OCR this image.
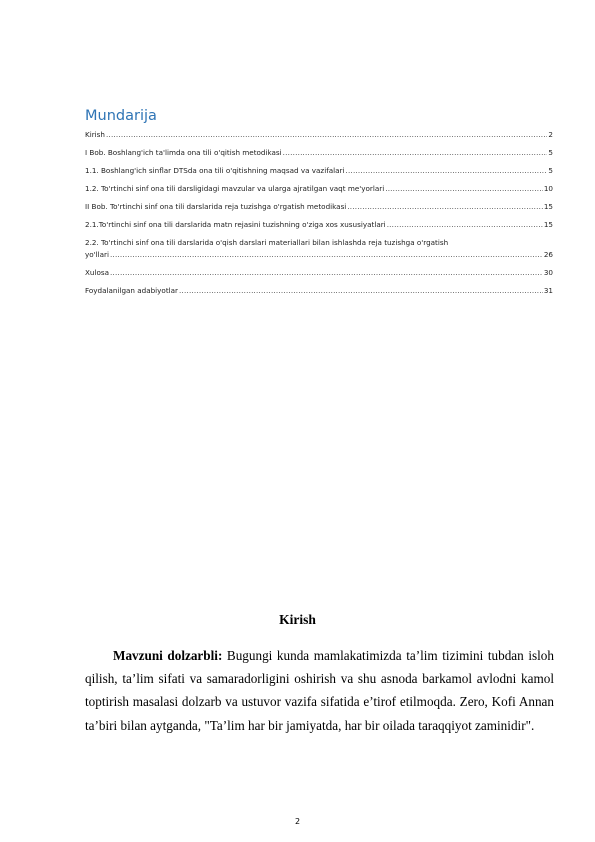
Mundarija
Kirish .....	2
I Bob. Boshlang'ich ta'limda ona tili o'qitish metodikasi .....	5
1.1. Boshlang'ich sinflar DTSda ona tili o'qitishning maqsad va vazifalari .....	5
1.2. To'rtinchi sinf ona tili darsligidagi mavzular va ularga ajratilgan vaqt me'yorlari .....	10
II Bob. To'rtinchi sinf ona tili darslarida reja tuzishga o'rgatish metodikasi .....	15
2.1.To'rtinchi sinf ona tili darslarida matn rejasini tuzishning o'ziga xos xususiyatlari .....	15
2.2. To'rtinchi sinf ona tili darslarida o'qish darslari materiallari bilan ishlashda reja tuzishga o'rgatish
yo'llari .....	26
Xulosa .....	30
Foydalanilgan adabiyotlar .....	31
Kirish

Mavzuni dolzarbli: Bugungi kunda mamlakatimizda ta’lim tizimini tubdan isloh qilish, ta’lim sifati va samaradorligini oshirish va shu asnoda barkamol avlodni kamol toptirish masalasi dolzarb va ustuvor vazifa sifatida e’tirof etilmoqda. Zero, Kofi Annan ta’biri bilan aytganda, "Ta’lim har bir jamiyatda, har bir oilada taraqqiyot zaminidir".

2
